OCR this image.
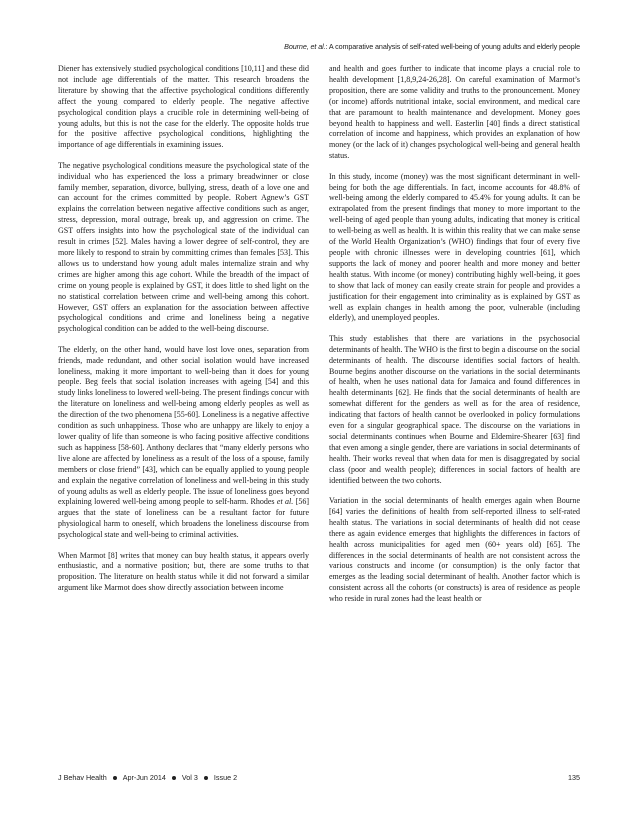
Bourne, et al.: A comparative analysis of self-rated well-being of young adults and elderly people

Diener has extensively studied psychological conditions [10,11] and these did not include age differentials of the matter. This research broadens the literature by showing that the affective psychological conditions differently affect the young compared to elderly people. The negative affective psychological condition plays a crucible role in determining well-being of young adults, but this is not the case for the elderly. The opposite holds true for the positive affective psychological conditions, highlighting the importance of age differentials in examining issues.

The negative psychological conditions measure the psychological state of the individual who has experienced the loss a primary breadwinner or close family member, separation, divorce, bullying, stress, death of a love one and can account for the crimes committed by people. Robert Agnew’s GST explains the correlation between negative affective conditions such as anger, stress, depression, moral outrage, break up, and aggression on crime. The GST offers insights into how the psychological state of the individual can result in crimes [52]. Males having a lower degree of self-control, they are more likely to respond to strain by committing crimes than females [53]. This allows us to understand how young adult males internalize strain and why crimes are higher among this age cohort. While the breadth of the impact of crime on young people is explained by GST, it does little to shed light on the no statistical correlation between crime and well-being among this cohort. However, GST offers an explanation for the association between affective psychological conditions and crime and loneliness being a negative psychological condition can be added to the well-being discourse.

The elderly, on the other hand, would have lost love ones, separation from friends, made redundant, and other social isolation would have increased loneliness, making it more important to well-being than it does for young people. Beg feels that social isolation increases with ageing [54] and this study links loneliness to lowered well-being. The present findings concur with the literature on loneliness and well-being among elderly peoples as well as the direction of the two phenomena [55-60]. Loneliness is a negative affective condition as such unhappiness. Those who are unhappy are likely to enjoy a lower quality of life than someone is who facing positive affective conditions such as happiness [58-60]. Anthony declares that “many elderly persons who live alone are affected by loneliness as a result of the loss of a spouse, family members or close friend” [43], which can be equally applied to young people and explain the negative correlation of loneliness and well-being in this study of young adults as well as elderly people. The issue of loneliness goes beyond explaining lowered well-being among people to self-harm. Rhodes et al. [56] argues that the state of loneliness can be a resultant factor for future physiological harm to oneself, which broadens the loneliness discourse from psychological state and well-being to criminal activities.

When Marmot [8] writes that money can buy health status, it appears overly enthusiastic, and a normative position; but, there are some truths to that proposition. The literature on health status while it did not forward a similar argument like Marmot does show directly association between income

and health and goes further to indicate that income plays a crucial role to health development [1,8,9,24-26,28]. On careful examination of Marmot’s proposition, there are some validity and truths to the pronouncement. Money (or income) affords nutritional intake, social environment, and medical care that are paramount to health maintenance and development. Money goes beyond health to happiness and well. Easterlin [40] finds a direct statistical correlation of income and happiness, which provides an explanation of how money (or the lack of it) changes psychological well-being and general health status.

In this study, income (money) was the most significant determinant in well-being for both the age differentials. In fact, income accounts for 48.8% of well-being among the elderly compared to 45.4% for young adults. It can be extrapolated from the present findings that money to more important to the well-being of aged people than young adults, indicating that money is critical to well-being as well as health. It is within this reality that we can make sense of the World Health Organization’s (WHO) findings that four of every five people with chronic illnesses were in developing countries [61], which supports the lack of money and poorer health and more money and better health status. With income (or money) contributing highly well-being, it goes to show that lack of money can easily create strain for people and provides a justification for their engagement into criminality as is explained by GST as well as explain changes in health among the poor, vulnerable (including elderly), and unemployed peoples.

This study establishes that there are variations in the psychosocial determinants of health. The WHO is the first to begin a discourse on the social determinants of health. The discourse identifies social factors of health. Bourne begins another discourse on the variations in the social determinants of health, when he uses national data for Jamaica and found differences in health determinants [62]. He finds that the social determinants of health are somewhat different for the genders as well as for the area of residence, indicating that factors of health cannot be overlooked in policy formulations even for a singular geographical space. The discourse on the variations in social determinants continues when Bourne and Eldemire-Shearer [63] find that even among a single gender, there are variations in social determinants of health. Their works reveal that when data for men is disaggregated by social class (poor and wealth people); differences in social factors of health are identified between the two cohorts.

Variation in the social determinants of health emerges again when Bourne [64] varies the definitions of health from self-reported illness to self-rated health status. The variations in social determinants of health did not cease there as again evidence emerges that highlights the differences in factors of health across municipalities for aged men (60+ years old) [65]. The differences in the social determinants of health are not consistent across the various constructs and income (or consumption) is the only factor that emerges as the leading social determinant of health. Another factor which is consistent across all the cohorts (or constructs) is area of residence as people who reside in rural zones had the least health or

J Behav Health Apr-Jun 2014 Vol 3 Issue 2	135
